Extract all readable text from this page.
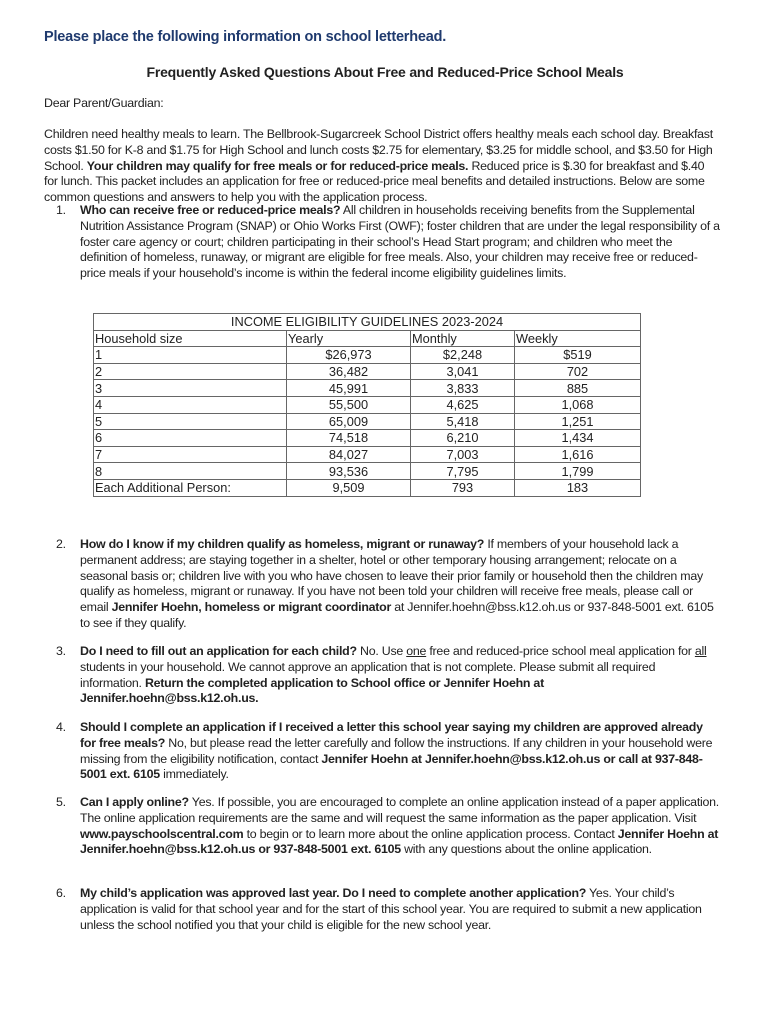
Please place the following information on school letterhead.
Frequently Asked Questions About Free and Reduced-Price School Meals
Dear Parent/Guardian:
Children need healthy meals to learn. The Bellbrook-Sugarcreek School District offers healthy meals each school day. Breakfast costs $1.50 for K-8 and $1.75 for High School and lunch costs $2.75 for elementary, $3.25 for middle school, and $3.50 for High School. Your children may qualify for free meals or for reduced-price meals. Reduced price is $.30 for breakfast and $.40 for lunch. This packet includes an application for free or reduced-price meal benefits and detailed instructions. Below are some common questions and answers to help you with the application process.
1. Who can receive free or reduced-price meals? All children in households receiving benefits from the Supplemental Nutrition Assistance Program (SNAP) or Ohio Works First (OWF); foster children that are under the legal responsibility of a foster care agency or court; children participating in their school’s Head Start program; and children who meet the definition of homeless, runaway, or migrant are eligible for free meals. Also, your children may receive free or reduced-price meals if your household’s income is within the federal income eligibility guidelines limits.
INCOME ELIGIBILITY GUIDELINES 2023-2024			
Household size	Yearly	Monthly	Weekly
1	$26,973	$2,248	$519
2	36,482	3,041	702
3	45,991	3,833	885
4	55,500	4,625	1,068
5	65,009	5,418	1,251
6	74,518	6,210	1,434
7	84,027	7,003	1,616
8	93,536	7,795	1,799
Each Additional Person:	9,509	793	183
2. How do I know if my children qualify as homeless, migrant or runaway? If members of your household lack a permanent address; are staying together in a shelter, hotel or other temporary housing arrangement; relocate on a seasonal basis or; children live with you who have chosen to leave their prior family or household then the children may qualify as homeless, migrant or runaway. If you have not been told your children will receive free meals, please call or email Jennifer Hoehn, homeless or migrant coordinator at Jennifer.hoehn@bss.k12.oh.us or 937-848-5001 ext. 6105 to see if they qualify.
3. Do I need to fill out an application for each child? No. Use one free and reduced-price school meal application for all students in your household. We cannot approve an application that is not complete. Please submit all required information. Return the completed application to School office or Jennifer Hoehn at Jennifer.hoehn@bss.k12.oh.us.
4. Should I complete an application if I received a letter this school year saying my children are approved already for free meals? No, but please read the letter carefully and follow the instructions. If any children in your household were missing from the eligibility notification, contact Jennifer Hoehn at Jennifer.hoehn@bss.k12.oh.us or call at 937-848-5001 ext. 6105 immediately.
5. Can I apply online? Yes. If possible, you are encouraged to complete an online application instead of a paper application. The online application requirements are the same and will request the same information as the paper application. Visit www.payschoolscentral.com to begin or to learn more about the online application process. Contact Jennifer Hoehn at Jennifer.hoehn@bss.k12.oh.us or 937-848-5001 ext. 6105 with any questions about the online application.
6. My child’s application was approved last year. Do I need to complete another application? Yes. Your child’s application is valid for that school year and for the start of this school year. You are required to submit a new application unless the school notified you that your child is eligible for the new school year.
